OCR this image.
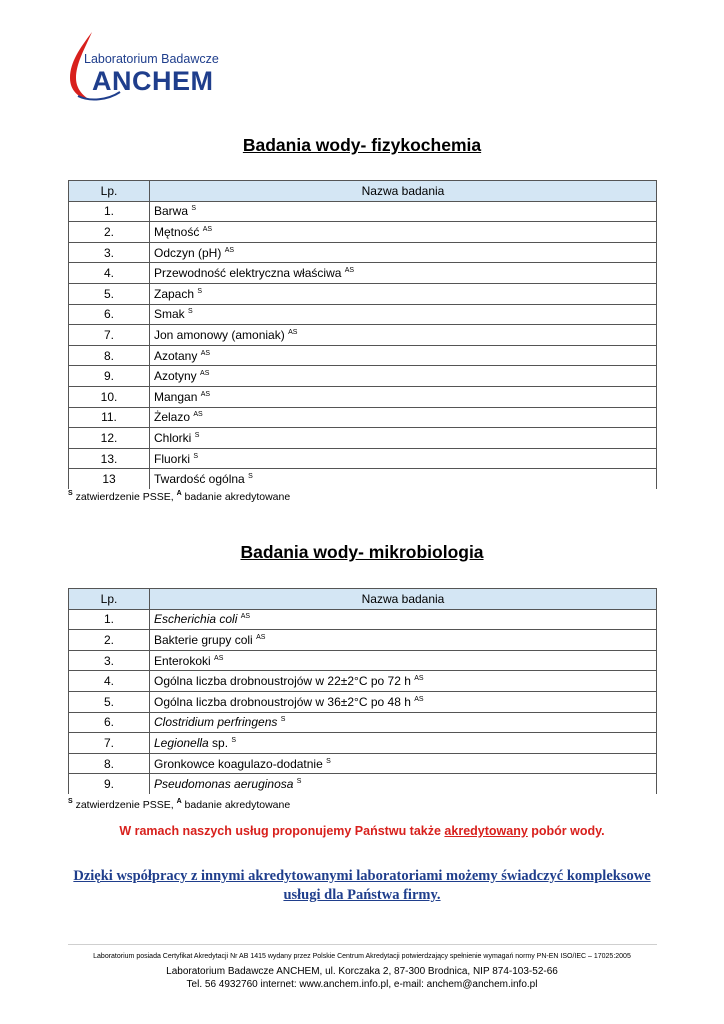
Laboratorium Badawcze
ANCHEM
Badania wody- fizykochemia
Lp.	Nazwa badania
1.	Barwa $^S$
2.	Mętność $^{AS}$
3.	Odczyn (pH) $^{AS}$
4.	Przewodność elektryczna właściwa $^{AS}$
5.	Zapach $^S$
6.	Smak $^S$
7.	Jon amonowy (amoniak) $^{AS}$
8.	Azotany $^{AS}$
9.	Azotyny $^{AS}$
10.	Mangan $^{AS}$
11.	Żelazo $^{AS}$
12.	Chlorki $^S$
13.	Fluorki $^S$
13	Twardość ogólna $^S$
$^S$ zatwierdzenie PSSE, $^A$ badanie akredytowane
Badania wody- mikrobiologia
Lp.	Nazwa badania
1.	Escherichia coli $^{AS}$
2.	Bakterie grupy coli $^{AS}$
3.	Enterokoki $^{AS}$
4.	Ogólna liczba drobnoustrojów w 22±2°C po 72 h $^{AS}$
5.	Ogólna liczba drobnoustrojów w 36±2°C po 48 h $^{AS}$
6.	Clostridium perfringens $^S$
7.	Legionella sp. $^S$
8.	Gronkowce koagulazo-dodatnie $^S$
9.	Pseudomonas aeruginosa $^S$
$^S$ zatwierdzenie PSSE, $^A$ badanie akredytowane
W ramach naszych usług proponujemy Państwu także akredytowany pobór wody.
Dzięki współpracy z innymi akredytowanymi laboratoriami możemy świadczyć kompleksowe usługi dla Państwa firmy.
Laboratorium posiada Certyfikat Akredytacji Nr AB 1415 wydany przez Polskie Centrum Akredytacji potwierdzający spełnienie wymagań normy PN-EN ISO/IEC – 17025:2005
Laboratorium Badawcze ANCHEM, ul. Korczaka 2, 87-300 Brodnica, NIP 874-103-52-66
Tel. 56 4932760 internet: www.anchem.info.pl, e-mail: anchem@anchem.info.pl
